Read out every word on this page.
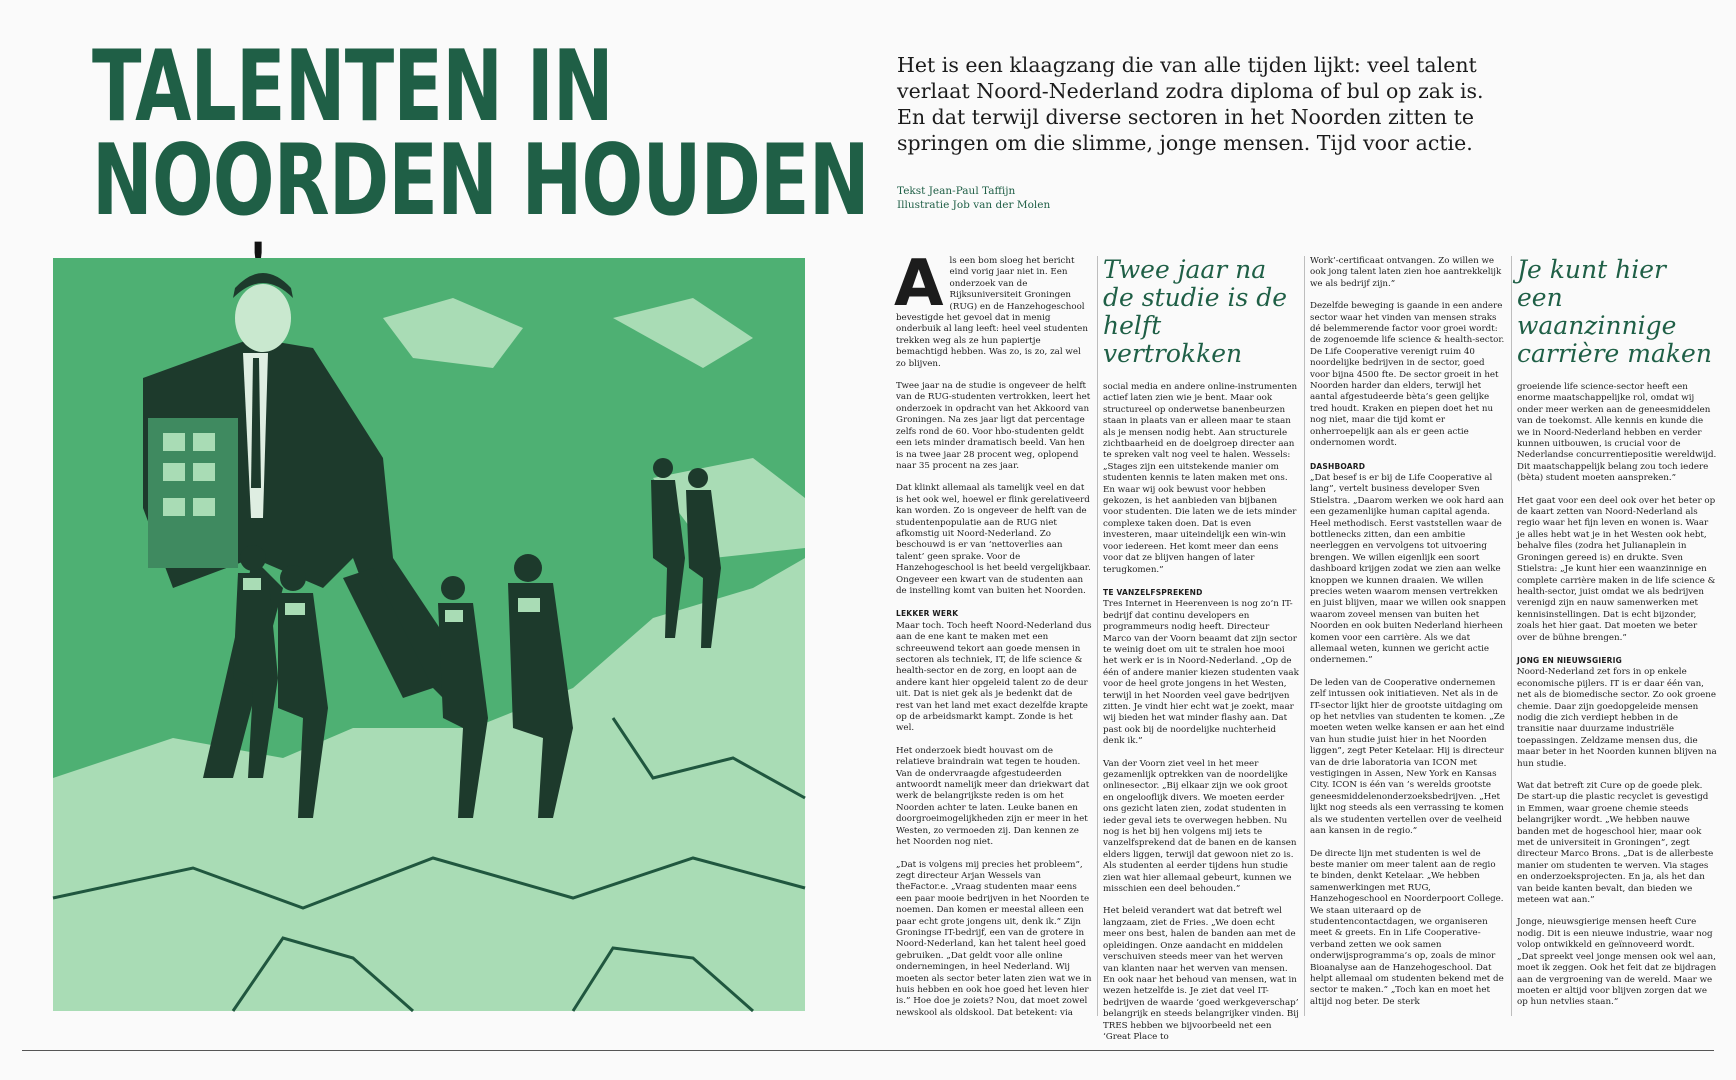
TALENTEN IN
NOORDEN HOUDEN
Het is een klaagzang die van alle tijden lijkt: veel talent verlaat Noord-Nederland zodra diploma of bul op zak is. En dat terwijl diverse sectoren in het Noorden zitten te springen om die slimme, jonge mensen. Tijd voor actie.
Tekst Jean-Paul Taffijn
Illustratie Job van der Molen

Als een bom sloeg het bericht eind vorig jaar niet in. Een onderzoek van de Rijksuniversiteit Groningen (RUG) en de Hanzehogeschool bevestigde het gevoel dat in menig onderbuik al lang leeft: heel veel studenten trekken weg als ze hun papiertje bemachtigd hebben. Was zo, is zo, zal wel zo blijven.

Twee jaar na de studie is ongeveer de helft van de RUG-studenten vertrokken, leert het onderzoek in opdracht van het Akkoord van Groningen. Na zes jaar ligt dat percentage zelfs rond de 60. Voor hbo-studenten geldt een iets minder dramatisch beeld. Van hen is na twee jaar 28 procent weg, oplopend naar 35 procent na zes jaar.

Dat klinkt allemaal als tamelijk veel en dat is het ook wel, hoewel er flink gerelativeerd kan worden. Zo is ongeveer de helft van de studentenpopulatie aan de RUG niet afkomstig uit Noord-Nederland. Zo beschouwd is er van ‘nettoverlies aan talent’ geen sprake. Voor de Hanzehogeschool is het beeld vergelijkbaar. Ongeveer een kwart van de studenten aan de instelling komt van buiten het Noorden.

LEKKER WERK

Maar toch. Toch heeft Noord-Nederland dus aan de ene kant te maken met een schreeuwend tekort aan goede mensen in sectoren als techniek, IT, de life science & health-sector en de zorg, en loopt aan de andere kant hier opgeleid talent zo de deur uit. Dat is niet gek als je bedenkt dat de rest van het land met exact dezelfde krapte op de arbeidsmarkt kampt. Zonde is het wel.

Het onderzoek biedt houvast om de relatieve braindrain wat tegen te houden. Van de ondervraagde afgestudeerden antwoordt namelijk meer dan driekwart dat werk de belangrijkste reden is om het Noorden achter te laten. Leuke banen en doorgroeimogelijkheden zijn er meer in het Westen, zo vermoeden zij. Dan kennen ze het Noorden nog niet.

„Dat is volgens mij precies het probleem”, zegt directeur Arjan Wessels van theFactor.e. „Vraag studenten maar eens een paar mooie bedrijven in het Noorden te noemen. Dan komen er meestal alleen een paar echt grote jongens uit, denk ik.” Zijn Groningse IT-bedrijf, een van de grotere in Noord-Nederland, kan het talent heel goed gebruiken. „Dat geldt voor alle online ondernemingen, in heel Nederland. Wij moeten als sector beter laten zien wat we in huis hebben en ook hoe goed het leven hier is.” Hoe doe je zoiets? Nou, dat moet zowel newskool als oldskool. Dat betekent: via

Twee jaar na de studie is de helft vertrokken

social media en andere online-instrumenten actief laten zien wie je bent. Maar ook structureel op onderwetse banenbeurzen staan in plaats van er alleen maar te staan als je mensen nodig hebt. Aan structurele zichtbaarheid en de doelgroep directer aan te spreken valt nog veel te halen. Wessels: „Stages zijn een uitstekende manier om studenten kennis te laten maken met ons. En waar wij ook bewust voor hebben gekozen, is het aanbieden van bijbanen voor studenten. Die laten we de iets minder complexe taken doen. Dat is even investeren, maar uiteindelijk een win-win voor iedereen. Het komt meer dan eens voor dat ze blijven hangen of later terugkomen.”

TE VANZELFSPREKEND

Tres Internet in Heerenveen is nog zo’n IT-bedrijf dat continu developers en programmeurs nodig heeft. Directeur Marco van der Voorn beaamt dat zijn sector te weinig doet om uit te stralen hoe mooi het werk er is in Noord-Nederland. „Op de één of andere manier kiezen studenten vaak voor de heel grote jongens in het Westen, terwijl in het Noorden veel gave bedrijven zitten. Je vindt hier echt wat je zoekt, maar wij bieden het wat minder flashy aan. Dat past ook bij de noordelijke nuchterheid denk ik.”

Van der Voorn ziet veel in het meer gezamenlijk optrekken van de noordelijke onlinesector. „Bij elkaar zijn we ook groot en ongelooflijk divers. We moeten eerder ons gezicht laten zien, zodat studenten in ieder geval iets te overwegen hebben. Nu nog is het bij hen volgens mij iets te vanzelfsprekend dat de banen en de kansen elders liggen, terwijl dat gewoon niet zo is. Als studenten al eerder tijdens hun studie zien wat hier allemaal gebeurt, kunnen we misschien een deel behouden.”

Het beleid verandert wat dat betreft wel langzaam, ziet de Fries. „We doen echt meer ons best, halen de banden aan met de opleidingen. Onze aandacht en middelen verschuiven steeds meer van het werven van klanten naar het werven van mensen. En ook naar het behoud van mensen, wat in wezen hetzelfde is. Je ziet dat veel IT-bedrijven de waarde ‘goed werkgeverschap’ belangrijk en steeds belangrijker vinden. Bij TRES hebben we bijvoorbeeld net een ‘Great Place to

Work’-certificaat ontvangen. Zo willen we ook jong talent laten zien hoe aantrekkelijk we als bedrijf zijn.”

Dezelfde beweging is gaande in een andere sector waar het vinden van mensen straks dé belemmerende factor voor groei wordt: de zogenoemde life science & health-sector. De Life Cooperative verenigt ruim 40 noordelijke bedrijven in de sector, goed voor bijna 4500 fte. De sector groeit in het Noorden harder dan elders, terwijl het aantal afgestudeerde bèta’s geen gelijke tred houdt. Kraken en piepen doet het nu nog niet, maar die tijd komt er onherroepelijk aan als er geen actie ondernomen wordt.

DASHBOARD

„Dat besef is er bij de Life Cooperative al lang”, vertelt business developer Sven Stielstra. „Daarom werken we ook hard aan een gezamenlijke human capital agenda. Heel methodisch. Eerst vaststellen waar de bottlenecks zitten, dan een ambitie neerleggen en vervolgens tot uitvoering brengen. We willen eigenlijk een soort dashboard krijgen zodat we zien aan welke knoppen we kunnen draaien. We willen precies weten waarom mensen vertrekken en juist blijven, maar we willen ook snappen waarom zoveel mensen van buiten het Noorden en ook buiten Nederland hierheen komen voor een carrière. Als we dat allemaal weten, kunnen we gericht actie ondernemen.”

De leden van de Cooperative ondernemen zelf intussen ook initiatieven. Net als in de IT-sector lijkt hier de grootste uitdaging om op het netvlies van studenten te komen. „Ze moeten weten welke kansen er aan het eind van hun studie juist hier in het Noorden liggen”, zegt Peter Ketelaar. Hij is directeur van de drie laboratoria van ICON met vestigingen in Assen, New York en Kansas City. ICON is één van ’s werelds grootste geneesmiddelenonderzoeksbedrijven. „Het lijkt nog steeds als een verrassing te komen als we studenten vertellen over de veelheid aan kansen in de regio.”

De directe lijn met studenten is wel de beste manier om meer talent aan de regio te binden, denkt Ketelaar. „We hebben samenwerkingen met RUG, Hanzehogeschool en Noorderpoort College. We staan uiteraard op de studentencontactdagen, we organiseren meet & greets. En in Life Cooperative-verband zetten we ook samen onderwijsprogramma’s op, zoals de minor Bioanalyse aan de Hanzehogeschool. Dat helpt allemaal om studenten bekend met de sector te maken.” „Toch kan en moet het altijd nog beter. De sterk

Je kunt hier een waanzinnige carrière maken

groeiende life science-sector heeft een enorme maatschappelijke rol, omdat wij onder meer werken aan de geneesmiddelen van de toekomst. Alle kennis en kunde die we in Noord-Nederland hebben en verder kunnen uitbouwen, is crucial voor de Nederlandse concurrentiepositie wereldwijd. Dit maatschappelijk belang zou toch iedere (bèta) student moeten aanspreken.”

Het gaat voor een deel ook over het beter op de kaart zetten van Noord-Nederland als regio waar het fijn leven en wonen is. Waar je alles hebt wat je in het Westen ook hebt, behalve files (zodra het Julianaplein in Groningen gereed is) en drukte. Sven Stielstra: „Je kunt hier een waanzinnige en complete carrière maken in de life science & health-sector, juist omdat we als bedrijven verenigd zijn en nauw samenwerken met kennisinstellingen. Dat is echt bijzonder, zoals het hier gaat. Dat moeten we beter over de bühne brengen.”

JONG EN NIEUWSGIERIG

Noord-Nederland zet fors in op enkele economische pijlers. IT is er daar één van, net als de biomedische sector. Zo ook groene chemie. Daar zijn goedopgeleide mensen nodig die zich verdiept hebben in de transitie naar duurzame industriële toepassingen. Zeldzame mensen dus, die maar beter in het Noorden kunnen blijven na hun studie.

Wat dat betreft zit Cure op de goede plek. De start-up die plastic recyclet is gevestigd in Emmen, waar groene chemie steeds belangrijker wordt. „We hebben nauwe banden met de hogeschool hier, maar ook met de universiteit in Groningen”, zegt directeur Marco Brons. „Dat is de allerbeste manier om studenten te werven. Via stages en onderzoeksprojecten. En ja, als het dan van beide kanten bevalt, dan bieden we meteen wat aan.”

Jonge, nieuwsgierige mensen heeft Cure nodig. Dit is een nieuwe industrie, waar nog volop ontwikkeld en geïnnoveerd wordt. „Dat spreekt veel jonge mensen ook wel aan, moet ik zeggen. Ook het feit dat ze bijdragen aan de vergroening van de wereld. Maar we moeten er altijd voor blijven zorgen dat we op hun netvlies staan.”
